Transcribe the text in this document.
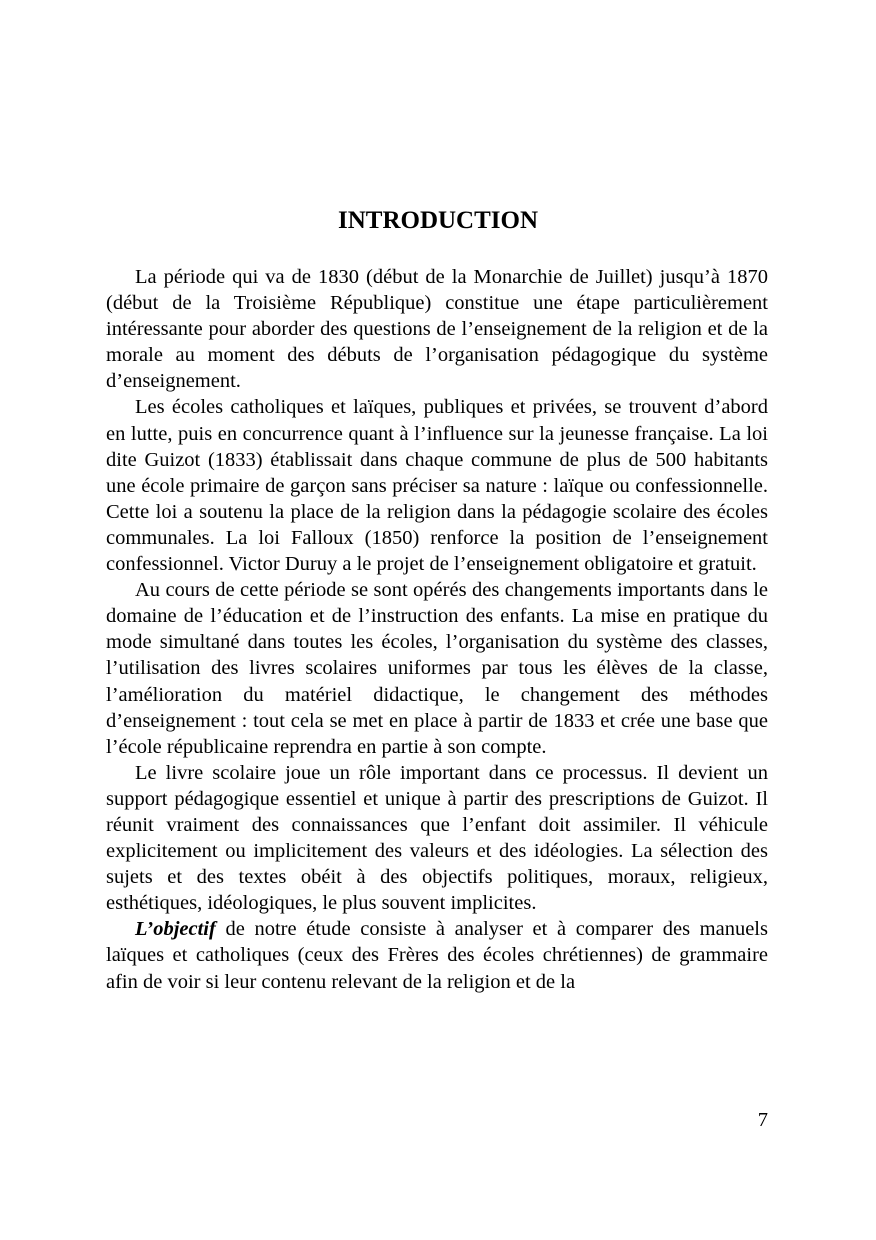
INTRODUCTION

La période qui va de 1830 (début de la Monarchie de Juillet) jusqu’à 1870 (début de la Troisième République) constitue une étape particulièrement intéressante pour aborder des questions de l’enseignement de la religion et de la morale au moment des débuts de l’organisation pédagogique du système d’enseignement.

Les écoles catholiques et laïques, publiques et privées, se trouvent d’abord en lutte, puis en concurrence quant à l’influence sur la jeunesse française. La loi dite Guizot (1833) établissait dans chaque commune de plus de 500 habitants une école primaire de garçon sans préciser sa nature : laïque ou confessionnelle. Cette loi a soutenu la place de la religion dans la pédagogie scolaire des écoles communales. La loi Falloux (1850) renforce la position de l’enseignement confessionnel. Victor Duruy a le projet de l’enseignement obligatoire et gratuit.

Au cours de cette période se sont opérés des changements importants dans le domaine de l’éducation et de l’instruction des enfants. La mise en pratique du mode simultané dans toutes les écoles, l’organisation du système des classes, l’utilisation des livres scolaires uniformes par tous les élèves de la classe, l’amélioration du matériel didactique, le changement des méthodes d’enseignement : tout cela se met en place à partir de 1833 et crée une base que l’école républicaine reprendra en partie à son compte.

Le livre scolaire joue un rôle important dans ce processus. Il devient un support pédagogique essentiel et unique à partir des prescriptions de Guizot. Il réunit vraiment des connaissances que l’enfant doit assimiler. Il véhicule explicitement ou implicitement des valeurs et des idéologies. La sélection des sujets et des textes obéit à des objectifs politiques, moraux, religieux, esthétiques, idéologiques, le plus souvent implicites.

L’objectif de notre étude consiste à analyser et à comparer des manuels laïques et catholiques (ceux des Frères des écoles chrétiennes) de grammaire afin de voir si leur contenu relevant de la religion et de la

7
